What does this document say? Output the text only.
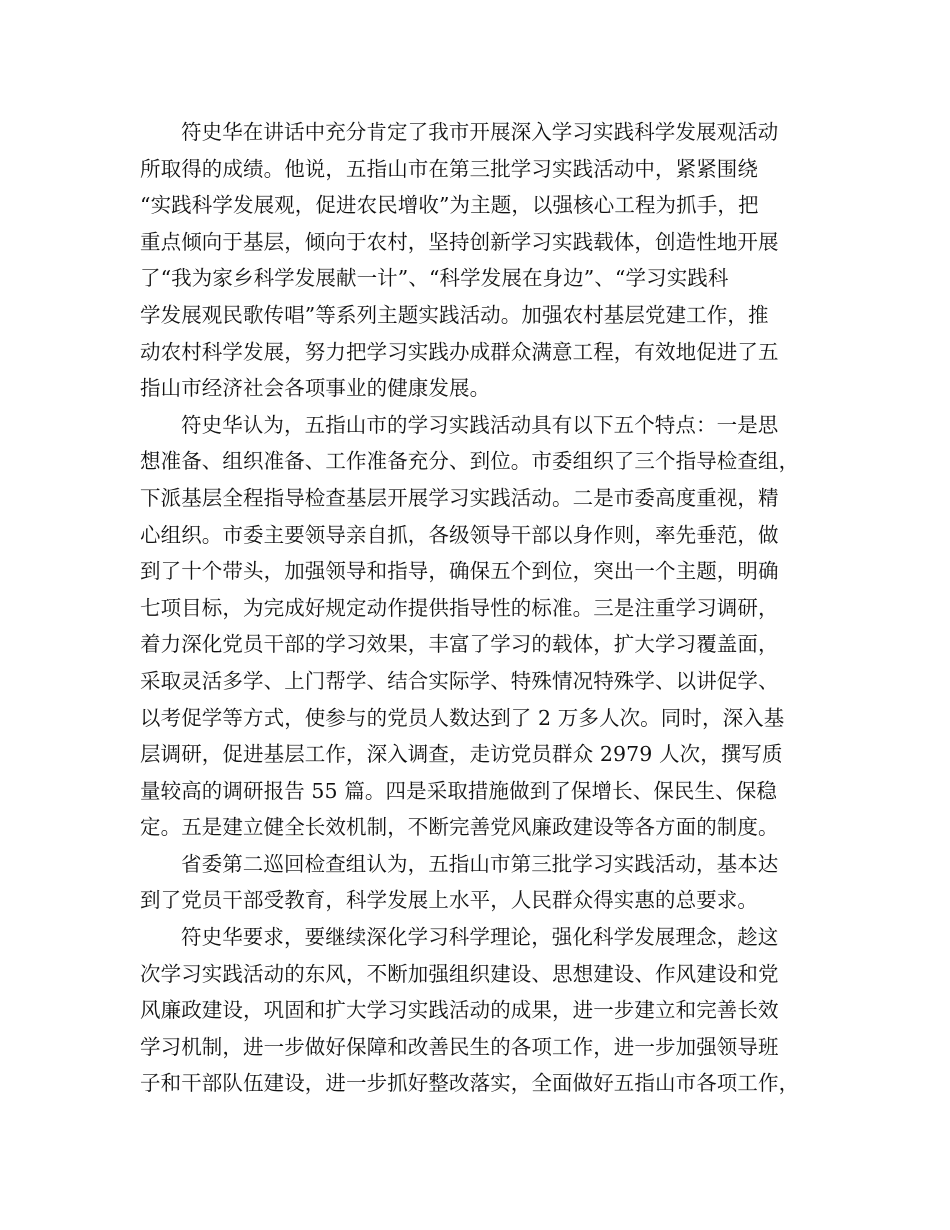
符史华在讲话中充分肯定了我市开展深入学习实践科学发展观活动
所取得的成绩。他说，五指山市在第三批学习实践活动中，紧紧围绕
“实践科学发展观，促进农民增收”为主题，以强核心工程为抓手，把
重点倾向于基层，倾向于农村，坚持创新学习实践载体，创造性地开展
了“我为家乡科学发展献一计”、“科学发展在身边”、“学习实践科
学发展观民歌传唱”等系列主题实践活动。加强农村基层党建工作，推
动农村科学发展，努力把学习实践办成群众满意工程，有效地促进了五
指山市经济社会各项事业的健康发展。
符史华认为，五指山市的学习实践活动具有以下五个特点：一是思
想准备、组织准备、工作准备充分、到位。市委组织了三个指导检查组，
下派基层全程指导检查基层开展学习实践活动。二是市委高度重视，精
心组织。市委主要领导亲自抓，各级领导干部以身作则，率先垂范，做
到了十个带头，加强领导和指导，确保五个到位，突出一个主题，明确
七项目标，为完成好规定动作提供指导性的标准。三是注重学习调研，
着力深化党员干部的学习效果，丰富了学习的载体，扩大学习覆盖面，
采取灵活多学、上门帮学、结合实际学、特殊情况特殊学、以讲促学、
以考促学等方式，使参与的党员人数达到了 2 万多人次。同时，深入基
层调研，促进基层工作，深入调查，走访党员群众 2979 人次，撰写质
量较高的调研报告 55 篇。四是采取措施做到了保增长、保民生、保稳
定。五是建立健全长效机制，不断完善党风廉政建设等各方面的制度。
省委第二巡回检查组认为，五指山市第三批学习实践活动，基本达
到了党员干部受教育，科学发展上水平，人民群众得实惠的总要求。
符史华要求，要继续深化学习科学理论，强化科学发展理念，趁这
次学习实践活动的东风，不断加强组织建设、思想建设、作风建设和党
风廉政建设，巩固和扩大学习实践活动的成果，进一步建立和完善长效
学习机制，进一步做好保障和改善民生的各项工作，进一步加强领导班
子和干部队伍建设，进一步抓好整改落实，全面做好五指山市各项工作，
